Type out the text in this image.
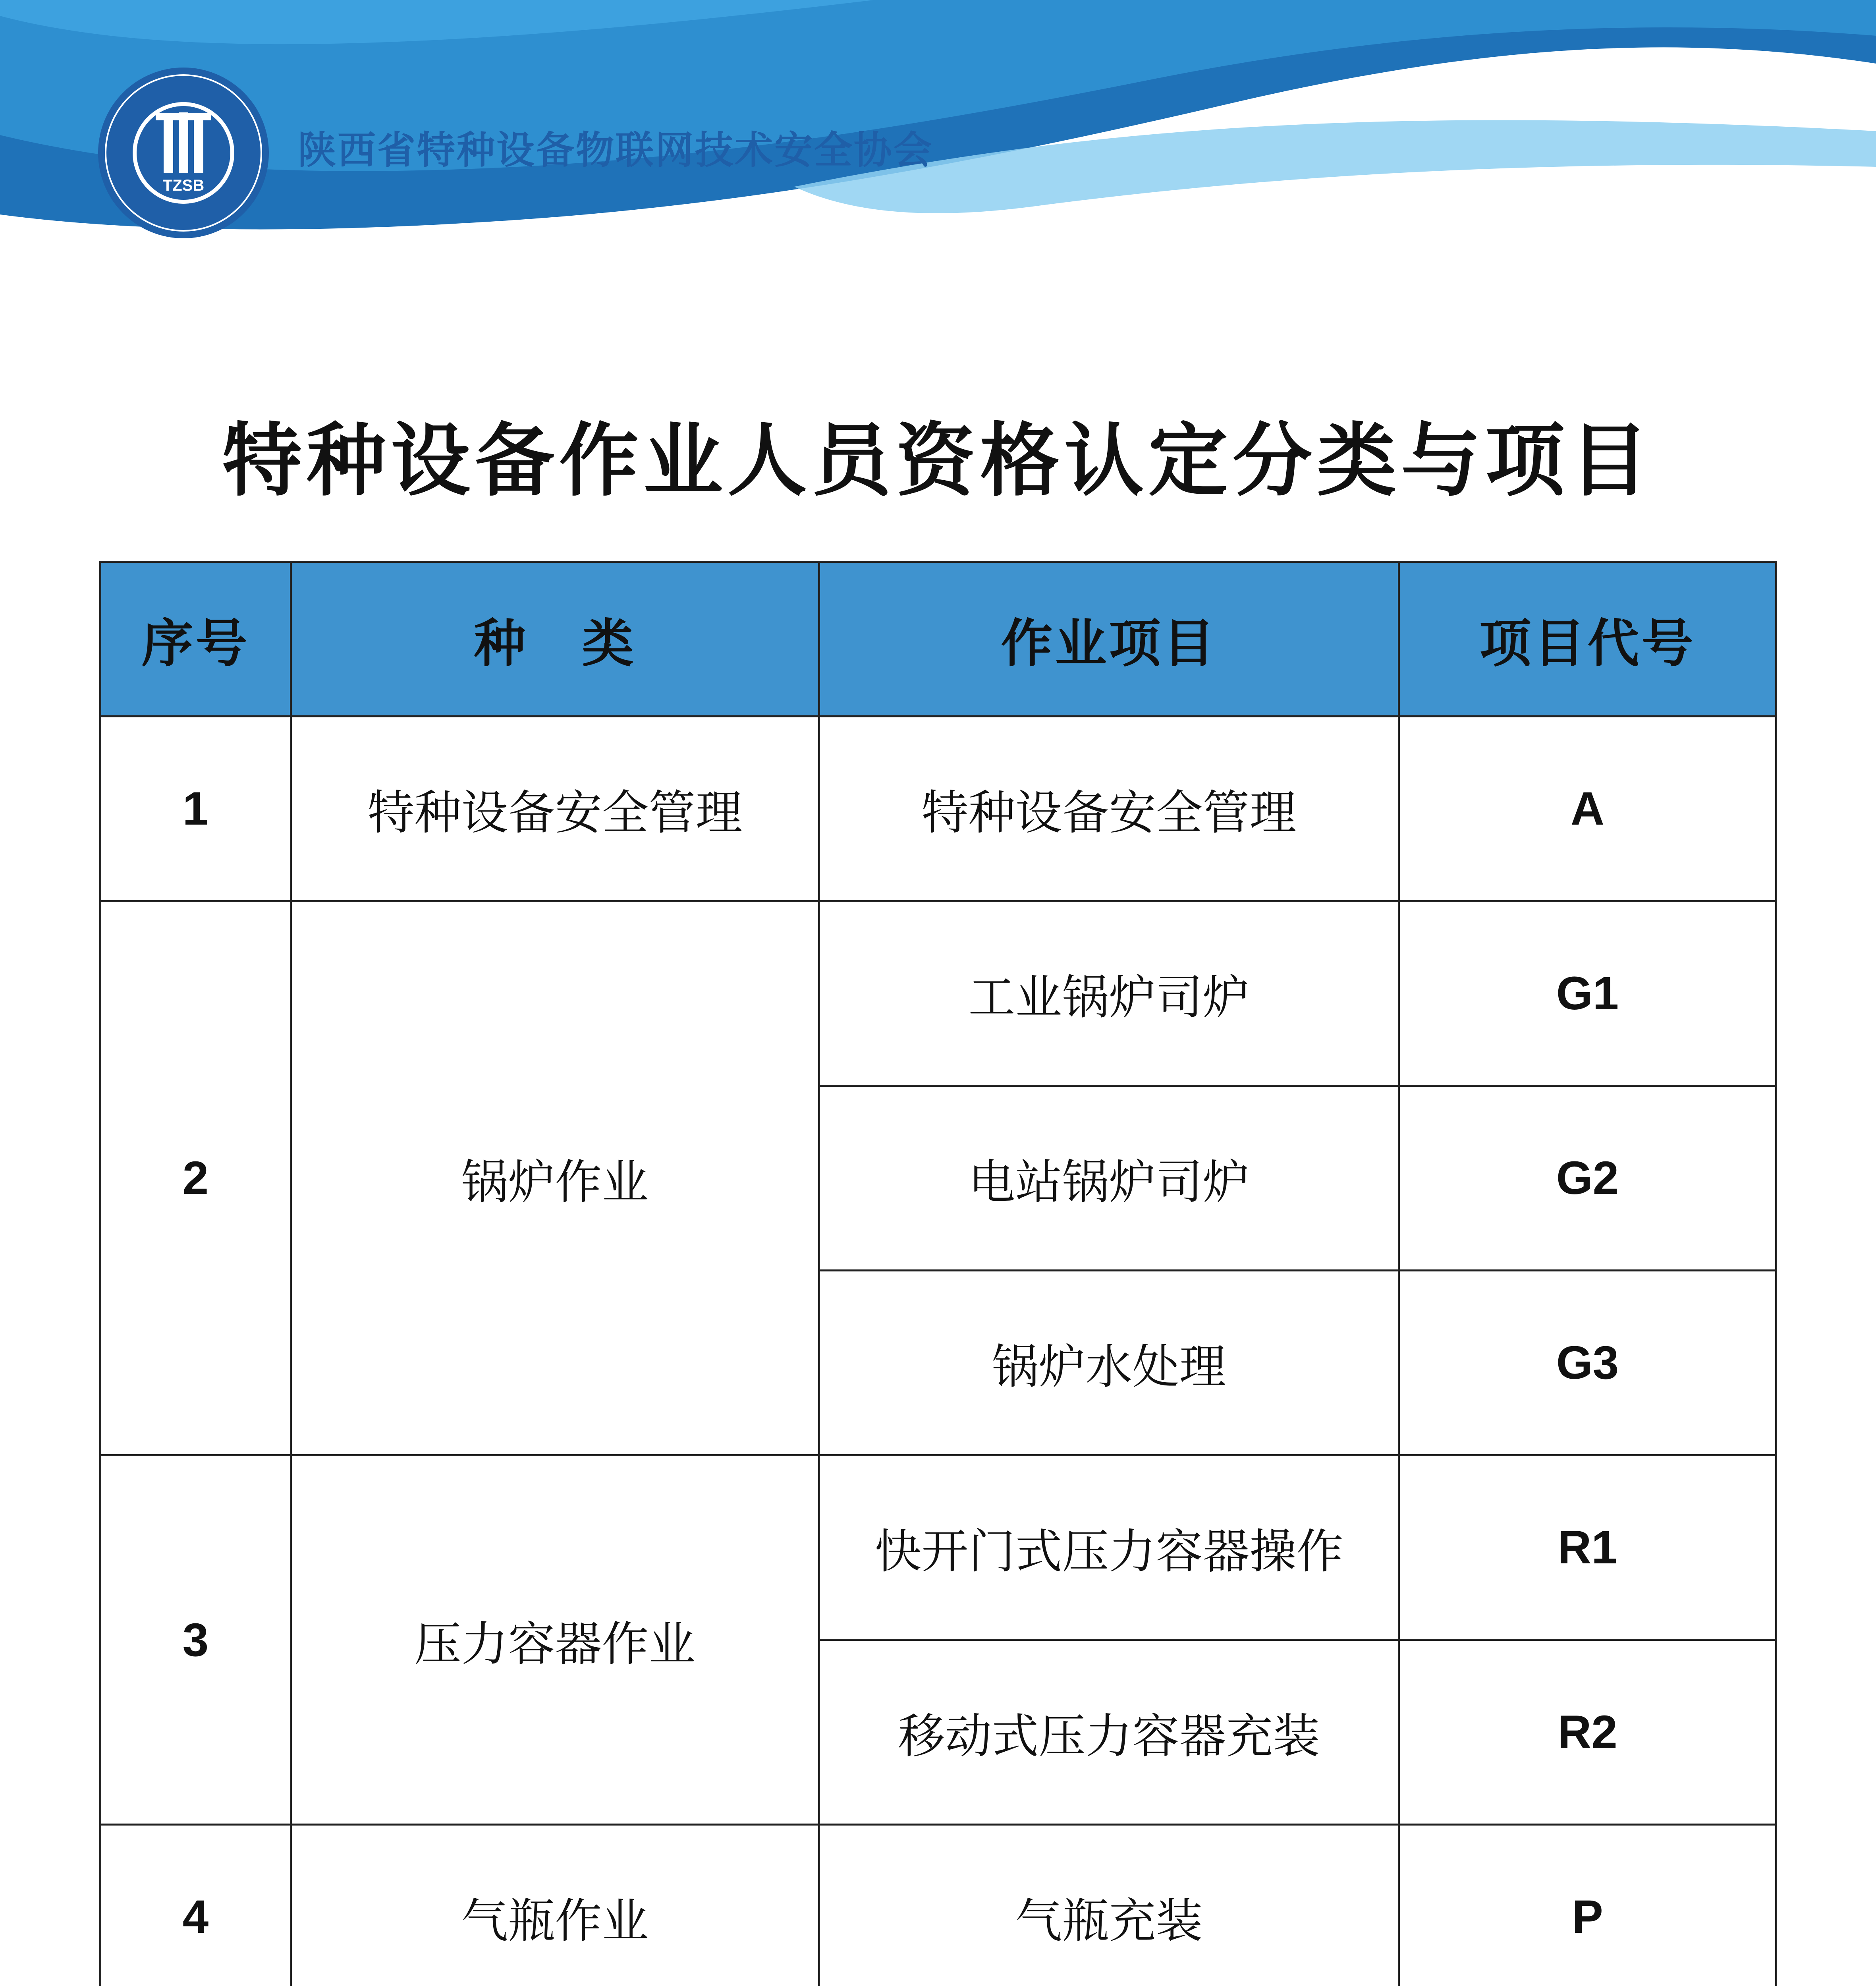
TZSB
陕西省特种设备物联网技术安全协会
特种设备作业人员资格认定分类与项目
序号	种　类	作业项目	项目代号
1	特种设备安全管理	特种设备安全管理	A
2	锅炉作业	工业锅炉司炉	G1
		电站锅炉司炉	G2
		锅炉水处理	G3
3	压力容器作业	快开门式压力容器操作	R1
		移动式压力容器充装	R2
4	气瓶作业	气瓶充装	P
